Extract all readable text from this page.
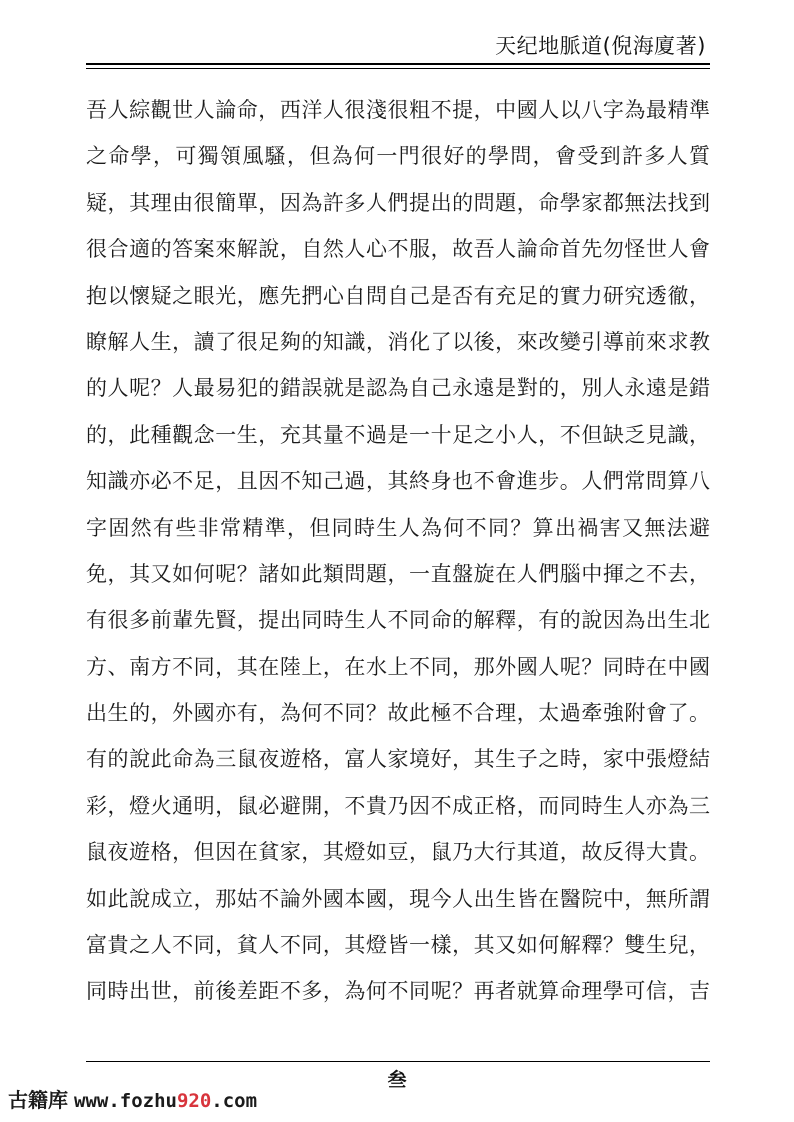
天纪地脈道(倪海廈著)
吾人綜觀世人論命，西洋人很淺很粗不提，中國人以八字為最精準
之命學，可獨領風騷，但為何一門很好的學問，會受到許多人質
疑，其理由很簡單，因為許多人們提出的問題，命學家都無法找到
很合適的答案來解說，自然人心不服，故吾人論命首先勿怪世人會
抱以懷疑之眼光，應先捫心自問自己是否有充足的實力研究透徹，
瞭解人生，讀了很足夠的知識，消化了以後，來改變引導前來求教
的人呢？人最易犯的錯誤就是認為自己永遠是對的，別人永遠是錯
的，此種觀念一生，充其量不過是一十足之小人，不但缺乏見識，
知識亦必不足，且因不知己過，其終身也不會進步。人們常問算八
字固然有些非常精準，但同時生人為何不同？算出禍害又無法避
免，其又如何呢？諸如此類問題，一直盤旋在人們腦中揮之不去，
有很多前輩先賢，提出同時生人不同命的解釋，有的說因為出生北
方、南方不同，其在陸上，在水上不同，那外國人呢？同時在中國
出生的，外國亦有，為何不同？故此極不合理，太過牽強附會了。
有的說此命為三鼠夜遊格，富人家境好，其生子之時，家中張燈結
彩，燈火通明，鼠必避開，不貴乃因不成正格，而同時生人亦為三
鼠夜遊格，但因在貧家，其燈如豆，鼠乃大行其道，故反得大貴。
如此說成立，那姑不論外國本國，現今人出生皆在醫院中，無所謂
富貴之人不同，貧人不同，其燈皆一樣，其又如何解釋？雙生兒，
同時出世，前後差距不多，為何不同呢？再者就算命理學可信，吉
叁
古籍库 www.fozhu920.com
